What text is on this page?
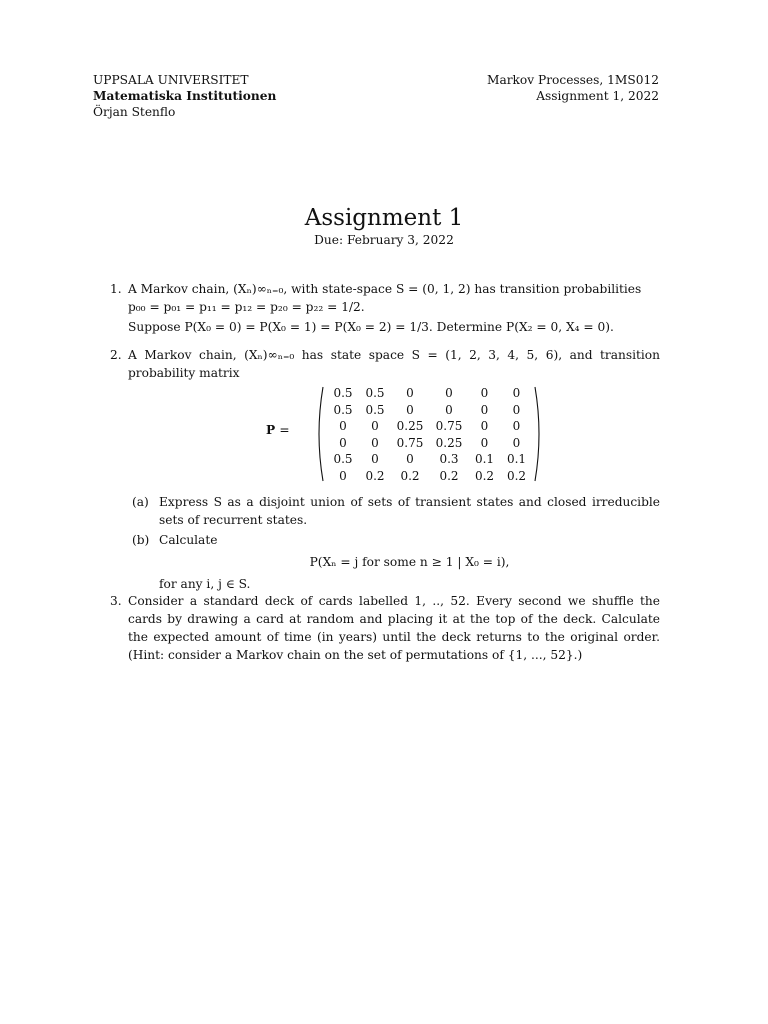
UPPSALA UNIVERSITET
Matematiska Institutionen
Örjan Stenflo
Markov Processes, 1MS012
Assignment 1, 2022
Assignment 1
Due: February 3, 2022
1. A Markov chain, (Xₙ)∞ₙ₌₀, with state-space S = (0, 1, 2) has transition probabilities

p₀₀ = p₀₁ = p₁₁ = p₁₂ = p₂₀ = p₂₂ = 1/2.

Suppose P(X₀ = 0) = P(X₀ = 1) = P(X₀ = 2) = 1/3. Determine P(X₂ = 0, X₄ = 0).

2. A Markov chain, (Xₙ)∞ₙ₌₀ has state space S = (1, 2, 3, 4, 5, 6), and transition probability matrix

P =
0.5	0.5	0	0	0	0
0.5	0.5	0	0	0	0
0	0	0.25	0.75	0	0
0	0	0.75	0.25	0	0
0.5	0	0	0.3	0.1	0.1
0	0.2	0.2	0.2	0.2	0.2
(a) Express S as a disjoint union of sets of transient states and closed irreducible sets of recurrent states.
(b) Calculate
P(Xₙ = j for some n ≥ 1 | X₀ = i),
for any i, j ∈ S.
3. Consider a standard deck of cards labelled 1, .., 52. Every second we shuffle the cards by drawing a card at random and placing it at the top of the deck. Calculate the expected amount of time (in years) until the deck returns to the original order. (Hint: consider a Markov chain on the set of permutations of {1, ..., 52}.)
